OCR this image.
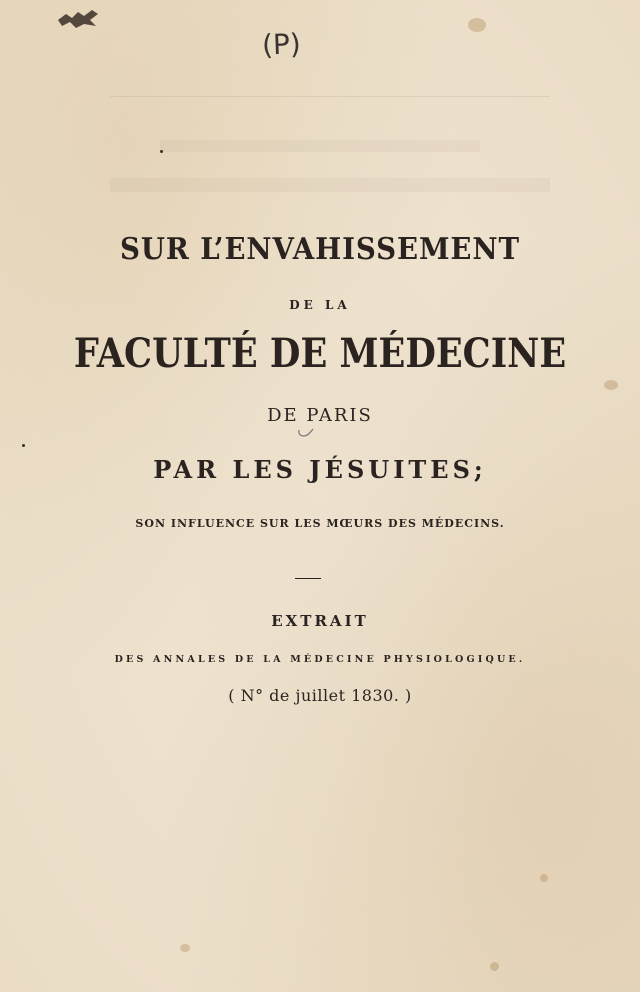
(P)
SUR L’ENVAHISSEMENT
DE LA
FACULTÉ DE MÉDECINE
DE PARIS
PAR LES JÉSUITES;
SON INFLUENCE SUR LES MŒURS DES MÉDECINS.
EXTRAIT
DES ANNALES DE LA MÉDECINE PHYSIOLOGIQUE.
( N° de juillet 1830. )
